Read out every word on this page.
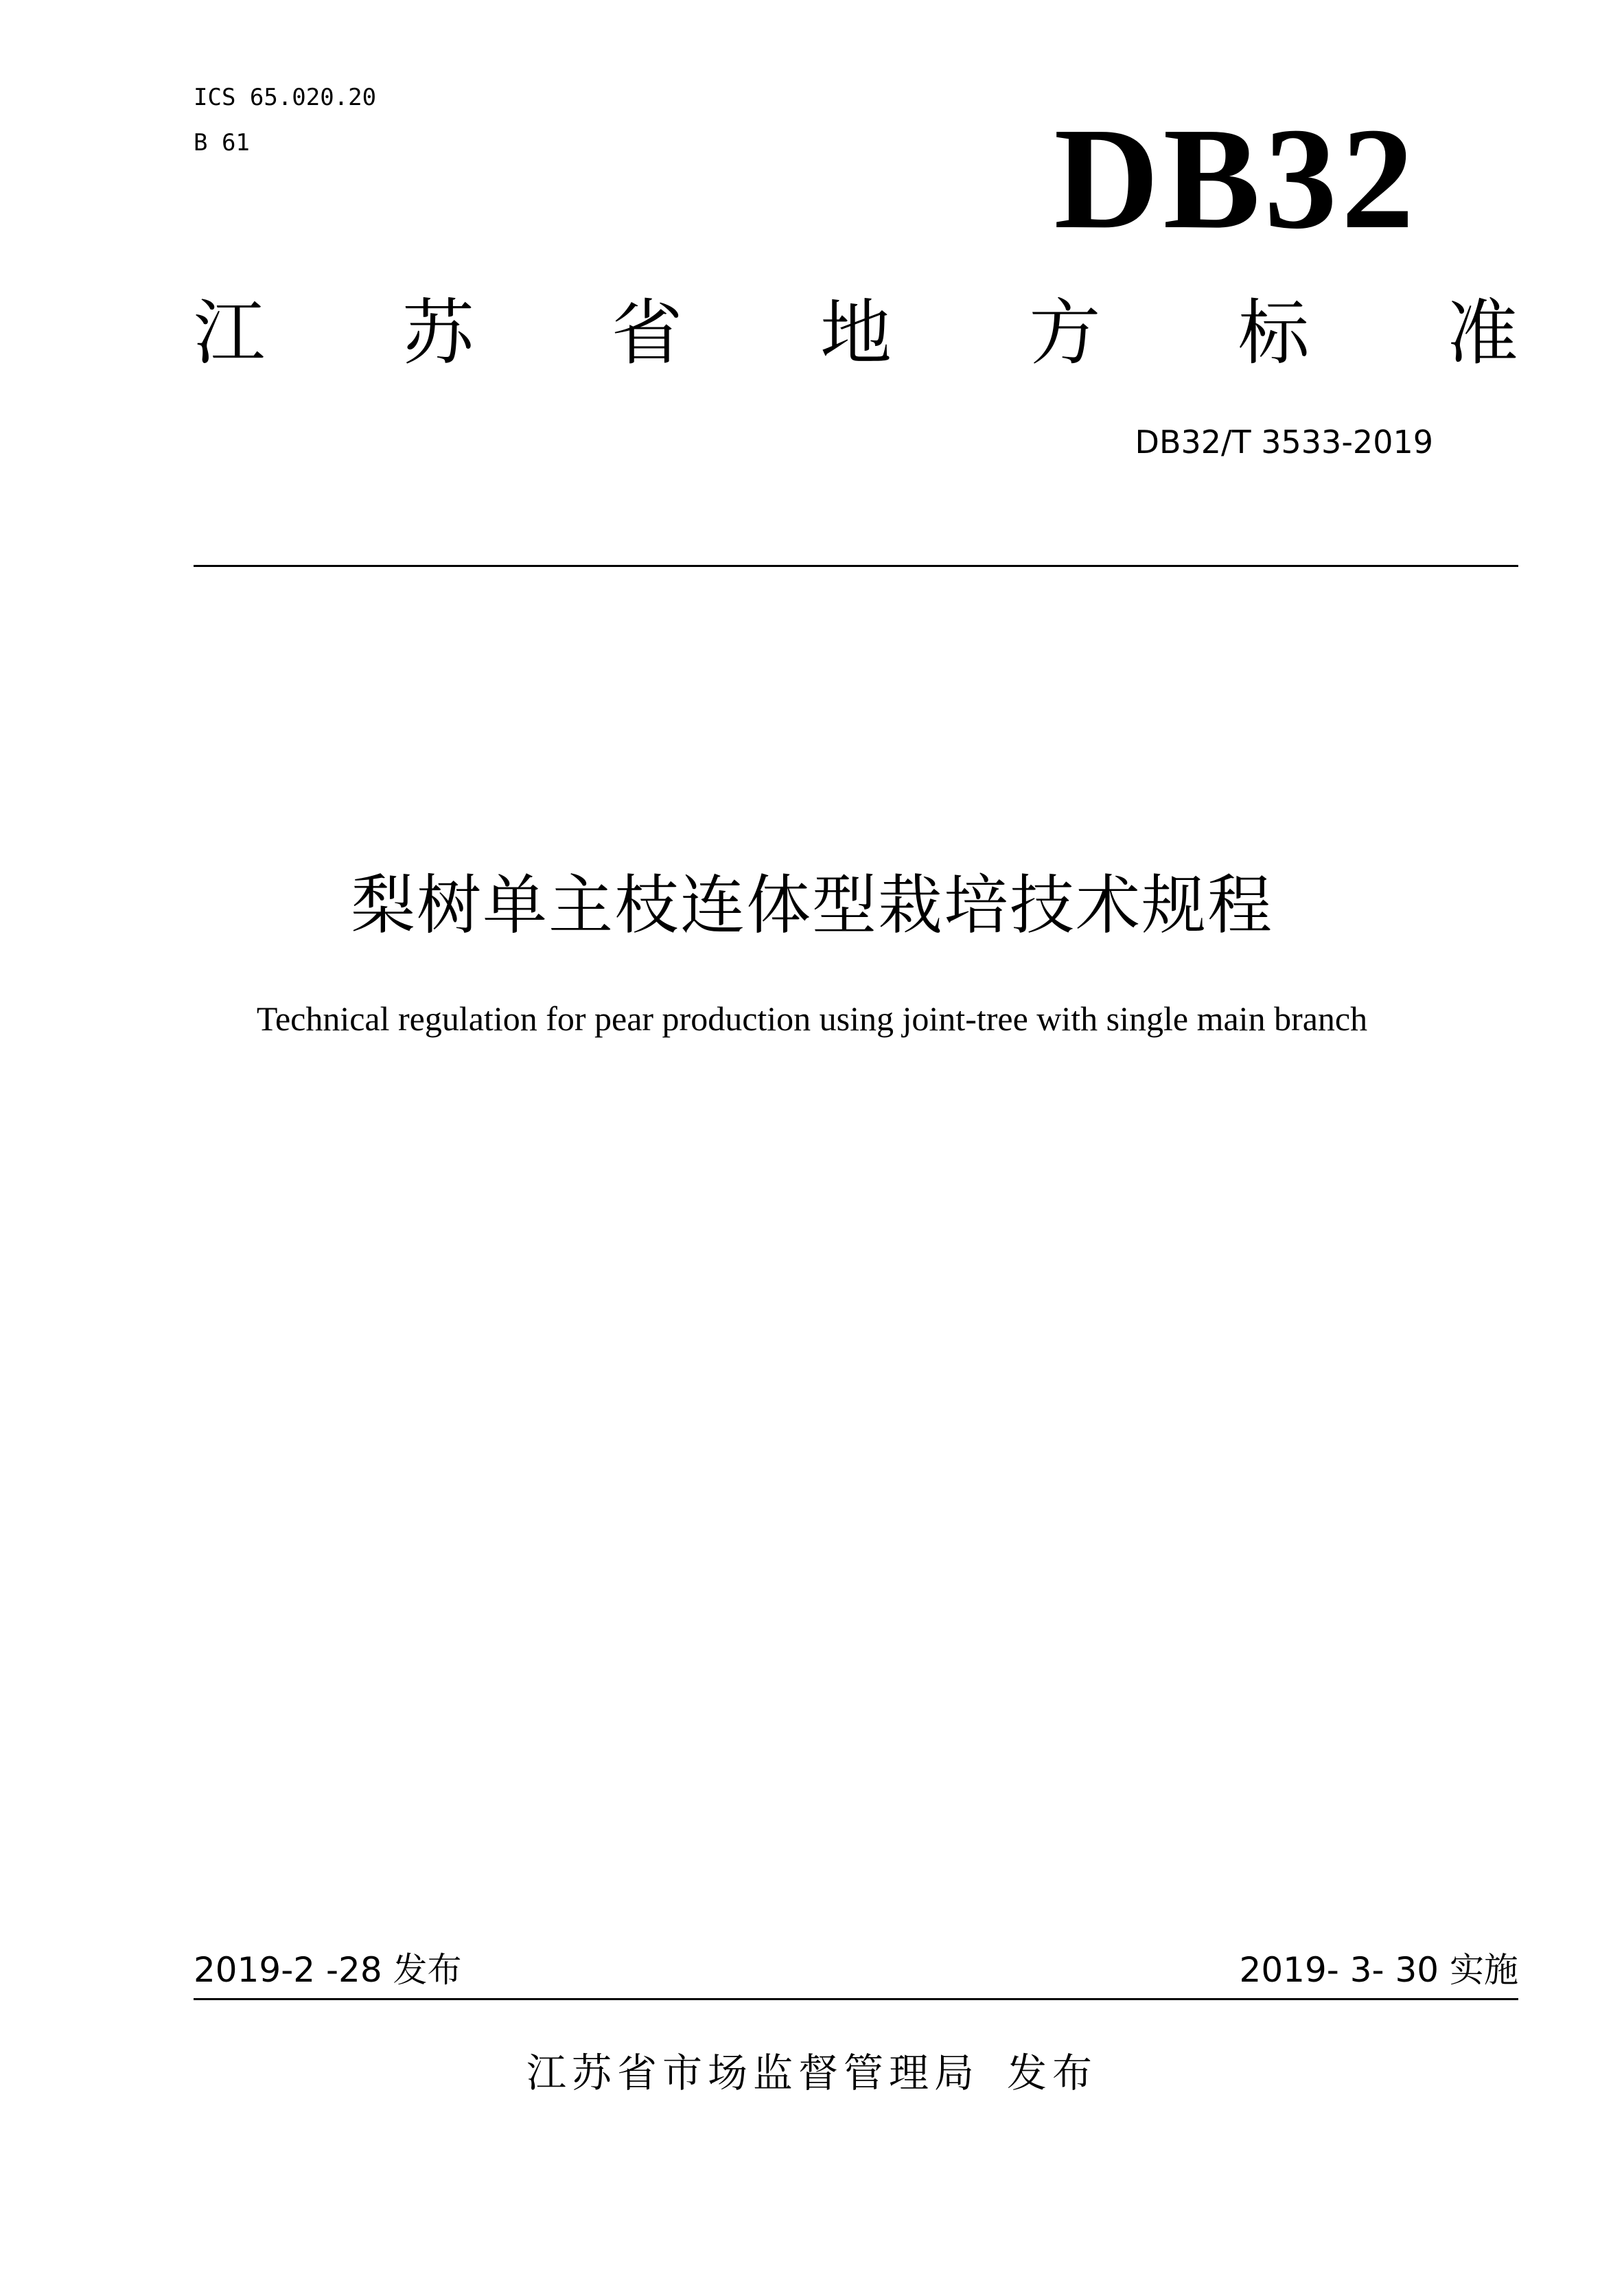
ICS 65.020.20
B 61	DB32
江 苏 省 地 方 标 准
DB32/T 3533-2019
梨树单主枝连体型栽培技术规程
Technical regulation for pear production using joint-tree with single main branch
2019-2 -28 发布	2019- 3- 30 实施
江苏省市场监督管理局 发布
